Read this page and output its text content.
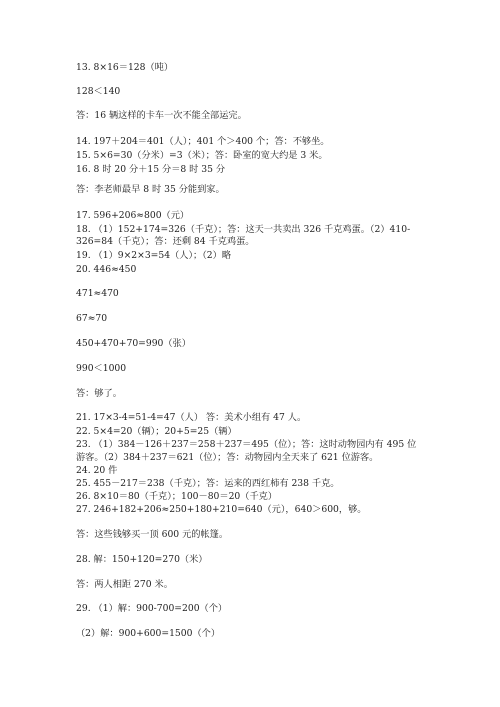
13. 8×16＝128（吨）
128＜140
答：16 辆这样的卡车一次不能全部运完。
14. 197＋204＝401（人）；401 个＞400 个；答：不够坐。
15. 5×6=30（分米）=3（米）；答：卧室的宽大约是 3 米。
16. 8 时 20 分＋15 分＝8 时 35 分
答：李老师最早 8 时 35 分能到家。
17. 596+206≈800（元）
18. （1）152+174=326（千克）；答：这天一共卖出 326 千克鸡蛋。（2）410-
326=84（千克）；答：还剩 84 千克鸡蛋。
19. （1）9×2×3=54（人）；（2）略
20. 446≈450
471≈470
67≈70
450+470+70=990（张）
990＜1000
答：够了。
21. 17×3-4=51-4=47（人） 答：美术小组有 47 人。
22. 5×4=20（辆）；20+5=25（辆）
23. （1）384－126＋237＝258＋237＝495（位）；答：这时动物园内有 495 位
游客。（2）384＋237＝621（位）；答：动物园内全天来了 621 位游客。
24. 20 件
25. 455－217＝238（千克）；答：运来的西红柿有 238 千克。
26. 8×10＝80（千克）；100－80＝20（千克）
27. 246+182+206≈250+180+210=640（元），640＞600，够。
答：这些钱够买一顶 600 元的帐篷。
28. 解：150+120=270（米）
答：两人相距 270 米。
29. （1）解：900-700=200（个）
（2）解：900+600=1500（个）
